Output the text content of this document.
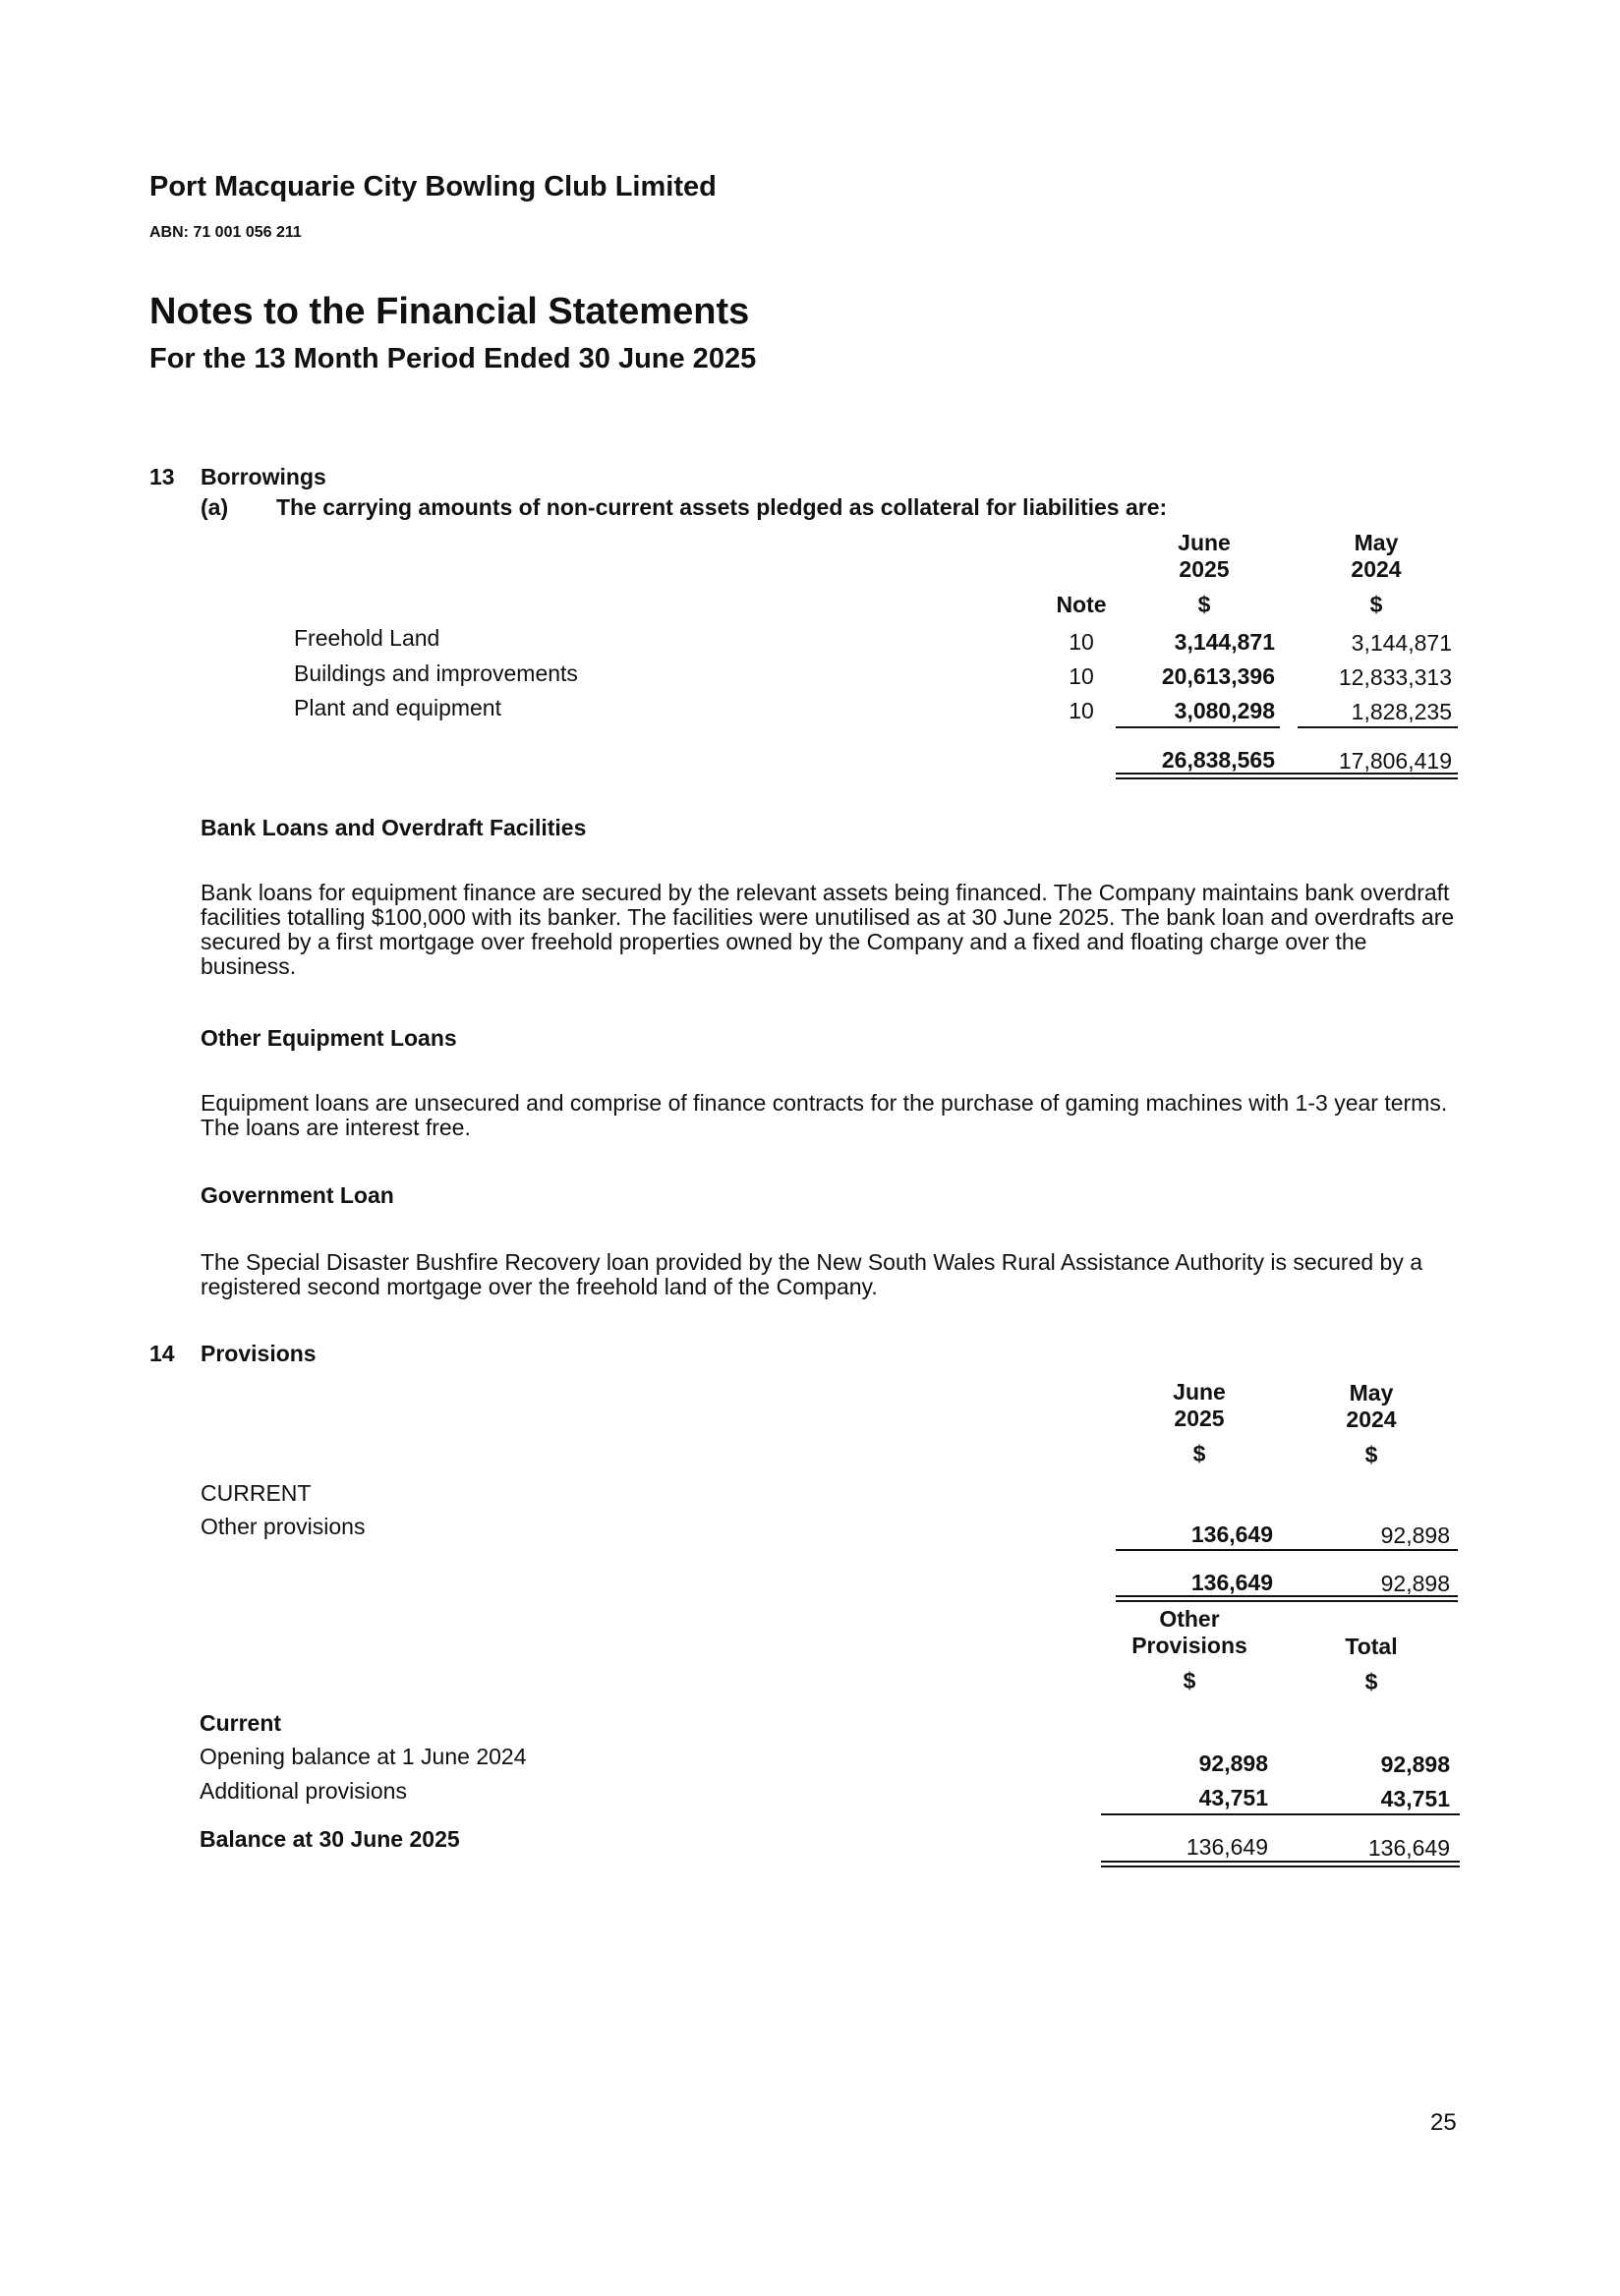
Port Macquarie City Bowling Club Limited
ABN: 71 001 056 211
Notes to the Financial Statements
For the 13 Month Period Ended 30 June 2025
13 Borrowings
(a) The carrying amounts of non-current assets pledged as collateral for liabilities are:
June
2025
May
2024
Note	$	$
Freehold Land	10	3,144,871	3,144,871
Buildings and improvements	10	20,613,396	12,833,313
Plant and equipment	10	3,080,298	1,828,235
26,838,565	17,806,419
Bank Loans and Overdraft Facilities
Bank loans for equipment finance are secured by the relevant assets being financed. The Company maintains bank overdraft facilities totalling $100,000 with its banker. The facilities were unutilised as at 30 June 2025. The bank loan and overdrafts are secured by a first mortgage over freehold properties owned by the Company and a fixed and floating charge over the business.
Other Equipment Loans
Equipment loans are unsecured and comprise of finance contracts for the purchase of gaming machines with 1-3 year terms. The loans are interest free.
Government Loan
The Special Disaster Bushfire Recovery loan provided by the New South Wales Rural Assistance Authority is secured by a registered second mortgage over the freehold land of the Company.
14 Provisions
June
2025
May
2024
$	$
CURRENT
Other provisions	136,649	92,898
136,649	92,898
Other
Provisions	Total
$	$
Current
Opening balance at 1 June 2024	92,898	92,898
Additional provisions	43,751	43,751
Balance at 30 June 2025	136,649	136,649
25
